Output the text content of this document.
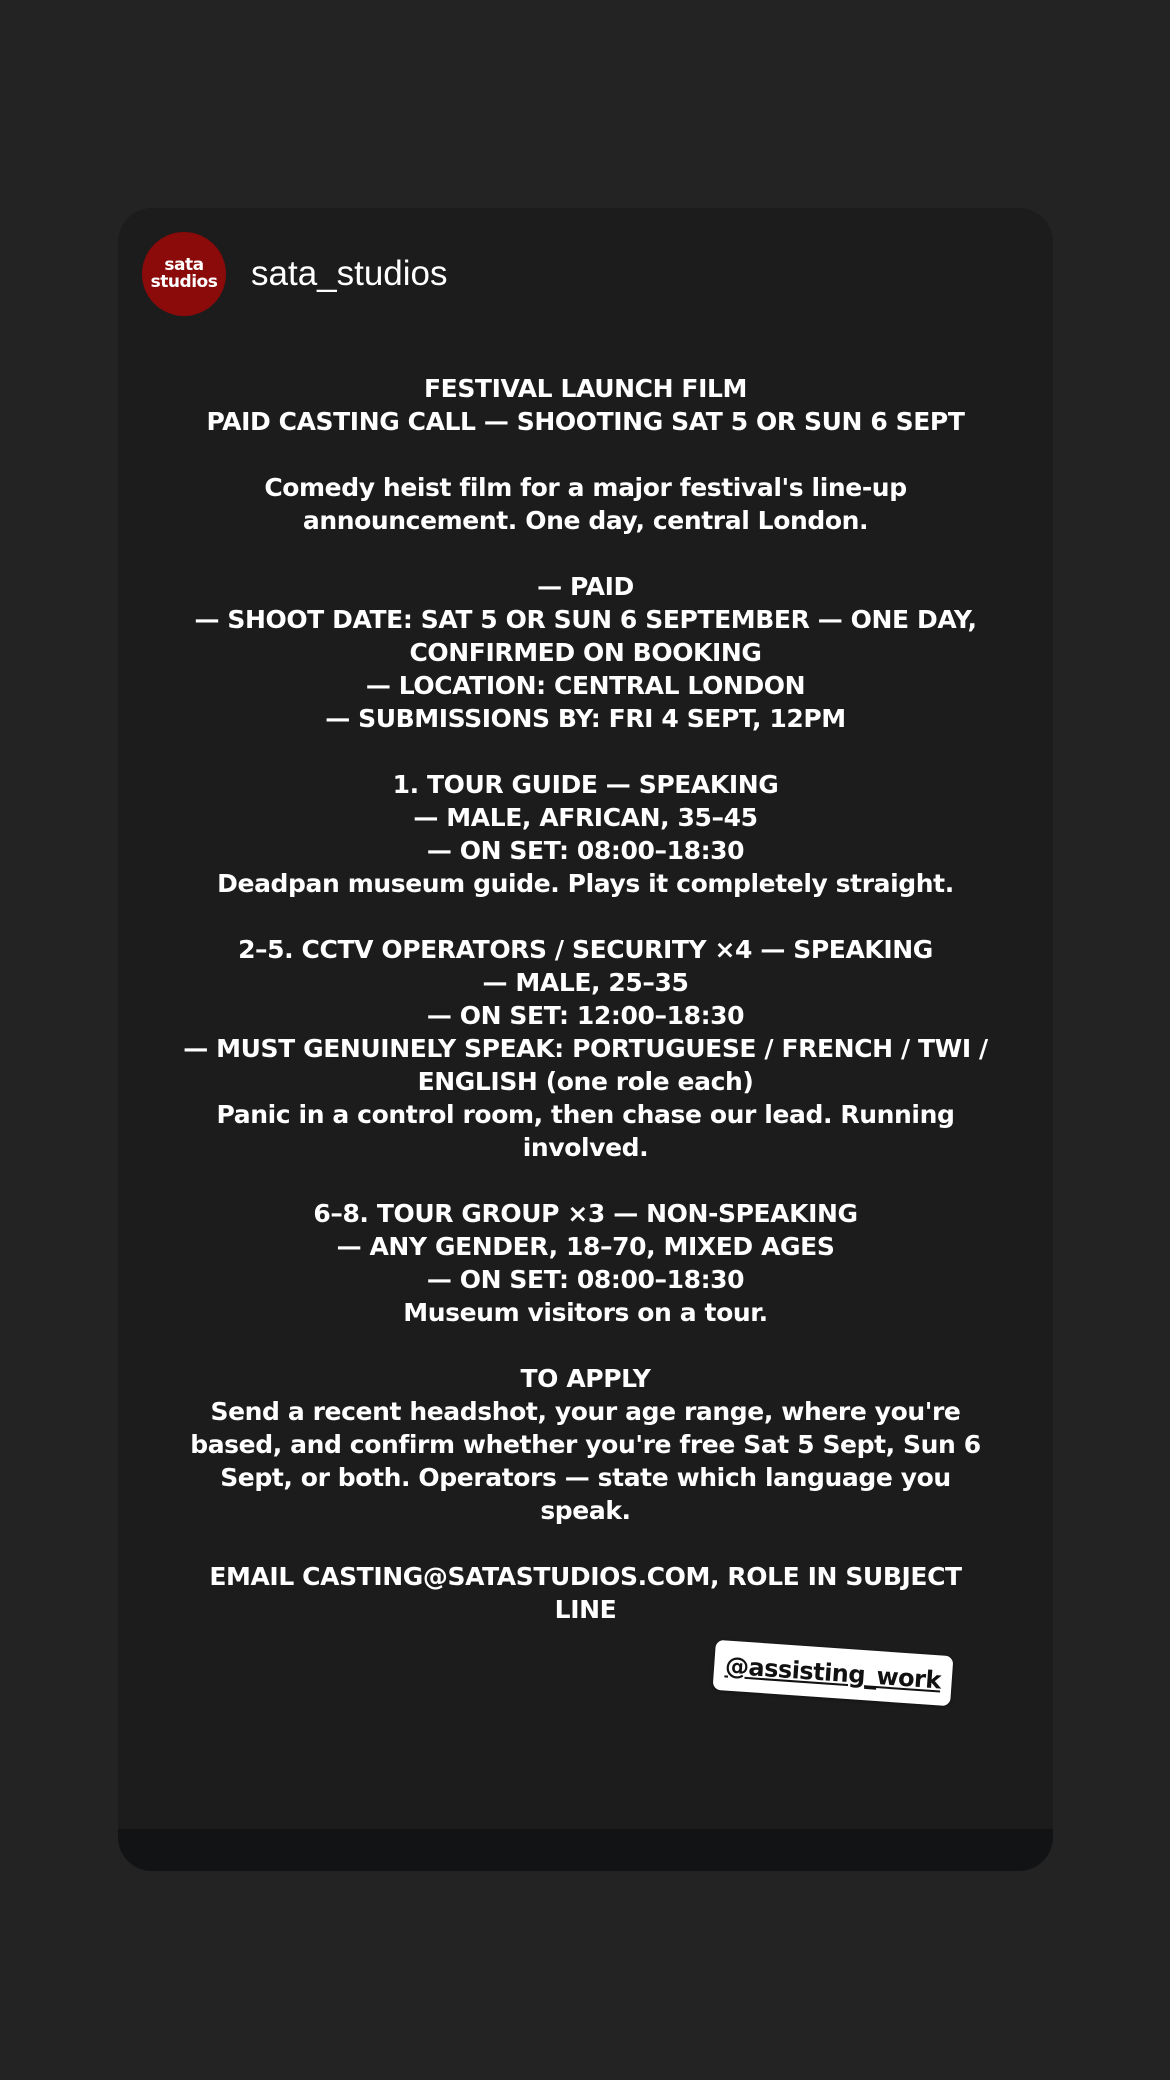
sata
studios sata_studios
FESTIVAL LAUNCH FILM
PAID CASTING CALL — SHOOTING SAT 5 OR SUN 6 SEPT
Comedy heist film for a major festival's line-up
announcement. One day, central London.
— PAID
— SHOOT DATE: SAT 5 OR SUN 6 SEPTEMBER — ONE DAY,
CONFIRMED ON BOOKING
— LOCATION: CENTRAL LONDON
— SUBMISSIONS BY: FRI 4 SEPT, 12PM
1. TOUR GUIDE — SPEAKING
— MALE, AFRICAN, 35–45
— ON SET: 08:00–18:30
Deadpan museum guide. Plays it completely straight.
2–5. CCTV OPERATORS / SECURITY ×4 — SPEAKING
— MALE, 25–35
— ON SET: 12:00–18:30
— MUST GENUINELY SPEAK: PORTUGUESE / FRENCH / TWI /
ENGLISH (one role each)
Panic in a control room, then chase our lead. Running
involved.
6–8. TOUR GROUP ×3 — NON-SPEAKING
— ANY GENDER, 18–70, MIXED AGES
— ON SET: 08:00–18:30
Museum visitors on a tour.
TO APPLY
Send a recent headshot, your age range, where you're
based, and confirm whether you're free Sat 5 Sept, Sun 6
Sept, or both. Operators — state which language you
speak.
EMAIL CASTING@SATASTUDIOS.COM, ROLE IN SUBJECT
LINE
@assisting_work
